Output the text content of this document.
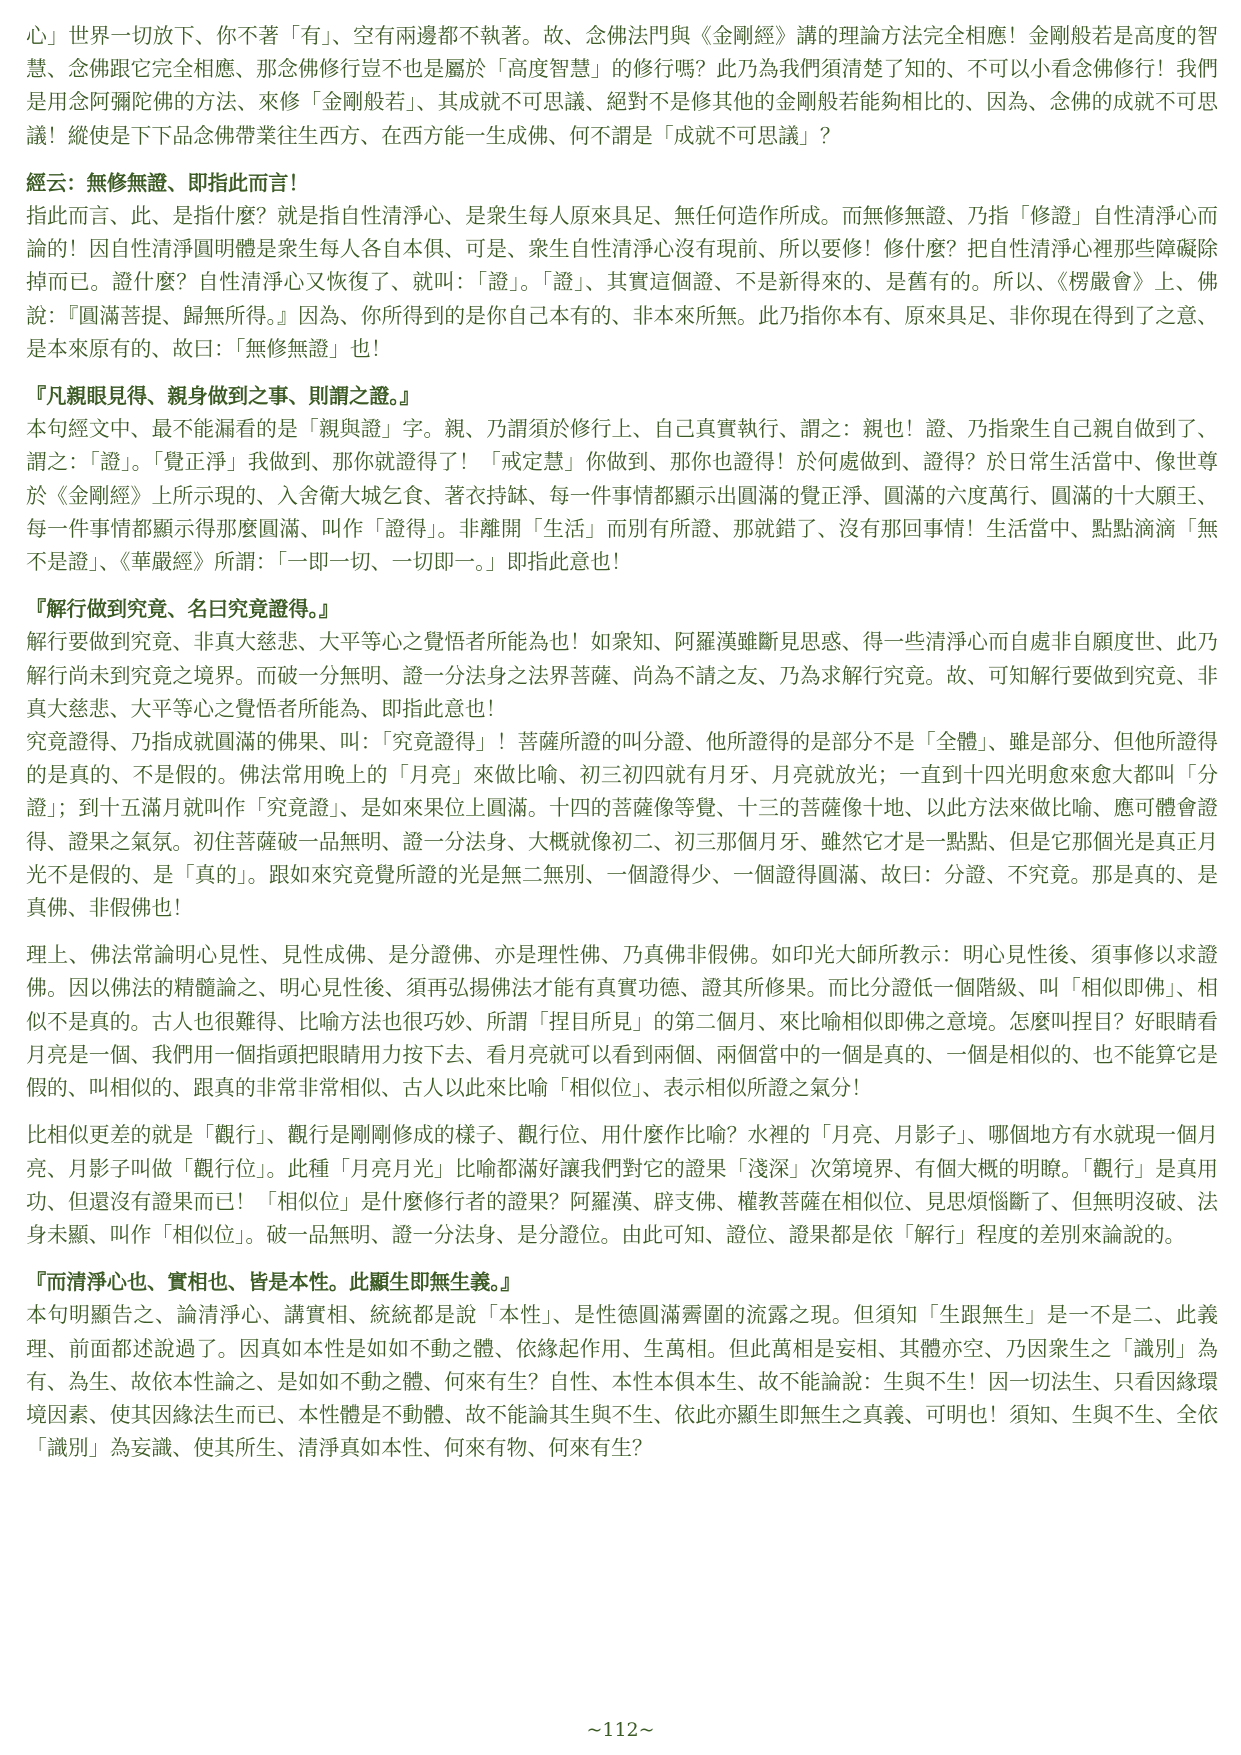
心」世界一切放下、你不著「有」、空有兩邊都不執著。故、念佛法門與《金剛經》講的理論方法完全相應！金剛般若是高度的智慧、念佛跟它完全相應、那念佛修行豈不也是屬於「高度智慧」的修行嗎？此乃為我們須清楚了知的、不可以小看念佛修行！我們是用念阿彌陀佛的方法、來修「金剛般若」、其成就不可思議、絕對不是修其他的金剛般若能夠相比的、因為、念佛的成就不可思議！縱使是下下品念佛帶業往生西方、在西方能一生成佛、何不謂是「成就不可思議」？

經云：無修無證、即指此而言！

指此而言、此、是指什麼？就是指自性清淨心、是衆生每人原來具足、無任何造作所成。而無修無證、乃指「修證」自性清淨心而論的！因自性清淨圓明體是衆生每人各自本俱、可是、衆生自性清淨心沒有現前、所以要修！修什麼？把自性清淨心裡那些障礙除掉而已。證什麼？自性清淨心又恢復了、就叫：「證」。「證」、其實這個證、不是新得來的、是舊有的。所以、《楞嚴會》上、佛說：『圓滿菩提、歸無所得。』因為、你所得到的是你自己本有的、非本來所無。此乃指你本有、原來具足、非你現在得到了之意、是本來原有的、故曰：「無修無證」也！

『凡親眼見得、親身做到之事、則謂之證。』

本句經文中、最不能漏看的是「親與證」字。親、乃謂須於修行上、自己真實執行、謂之：親也！證、乃指衆生自己親自做到了、謂之：「證」。「覺正淨」我做到、那你就證得了！「戒定慧」你做到、那你也證得！於何處做到、證得？於日常生活當中、像世尊於《金剛經》上所示現的、入舍衛大城乞食、著衣持缽、每一件事情都顯示出圓滿的覺正淨、圓滿的六度萬行、圓滿的十大願王、每一件事情都顯示得那麼圓滿、叫作「證得」。非離開「生活」而別有所證、那就錯了、沒有那回事情！生活當中、點點滴滴「無不是證」、《華嚴經》所謂：「一即一切、一切即一。」即指此意也！

『解行做到究竟、名曰究竟證得。』

解行要做到究竟、非真大慈悲、大平等心之覺悟者所能為也！如衆知、阿羅漢雖斷見思惑、得一些清淨心而自處非自願度世、此乃解行尚未到究竟之境界。而破一分無明、證一分法身之法界菩薩、尚為不請之友、乃為求解行究竟。故、可知解行要做到究竟、非真大慈悲、大平等心之覺悟者所能為、即指此意也！

究竟證得、乃指成就圓滿的佛果、叫：「究竟證得」！菩薩所證的叫分證、他所證得的是部分不是「全體」、雖是部分、但他所證得的是真的、不是假的。佛法常用晚上的「月亮」來做比喻、初三初四就有月牙、月亮就放光；一直到十四光明愈來愈大都叫「分證」；到十五滿月就叫作「究竟證」、是如來果位上圓滿。十四的菩薩像等覺、十三的菩薩像十地、以此方法來做比喻、應可體會證得、證果之氣氛。初住菩薩破一品無明、證一分法身、大概就像初二、初三那個月牙、雖然它才是一點點、但是它那個光是真正月光不是假的、是「真的」。跟如來究竟覺所證的光是無二無別、一個證得少、一個證得圓滿、故曰：分證、不究竟。那是真的、是真佛、非假佛也！

理上、佛法常論明心見性、見性成佛、是分證佛、亦是理性佛、乃真佛非假佛。如印光大師所教示：明心見性後、須事修以求證佛。因以佛法的精髓論之、明心見性後、須再弘揚佛法才能有真實功德、證其所修果。而比分證低一個階級、叫「相似即佛」、相似不是真的。古人也很難得、比喻方法也很巧妙、所謂「捏目所見」的第二個月、來比喻相似即佛之意境。怎麼叫捏目？好眼睛看月亮是一個、我們用一個指頭把眼睛用力按下去、看月亮就可以看到兩個、兩個當中的一個是真的、一個是相似的、也不能算它是假的、叫相似的、跟真的非常非常相似、古人以此來比喻「相似位」、表示相似所證之氣分！

比相似更差的就是「觀行」、觀行是剛剛修成的樣子、觀行位、用什麼作比喻？水裡的「月亮、月影子」、哪個地方有水就現一個月亮、月影子叫做「觀行位」。此種「月亮月光」比喻都滿好讓我們對它的證果「淺深」次第境界、有個大概的明瞭。「觀行」是真用功、但還沒有證果而已！「相似位」是什麼修行者的證果？阿羅漢、辟支佛、權教菩薩在相似位、見思煩惱斷了、但無明沒破、法身未顯、叫作「相似位」。破一品無明、證一分法身、是分證位。由此可知、證位、證果都是依「解行」程度的差別來論說的。

『而清淨心也、實相也、皆是本性。此顯生即無生義。』

本句明顯告之、論清淨心、講實相、統統都是說「本性」、是性德圓滿霽圍的流露之現。但須知「生跟無生」是一不是二、此義理、前面都述說過了。因真如本性是如如不動之體、依緣起作用、生萬相。但此萬相是妄相、其體亦空、乃因衆生之「識別」為有、為生、故依本性論之、是如如不動之體、何來有生？自性、本性本俱本生、故不能論說：生與不生！因一切法生、只看因緣環境因素、使其因緣法生而已、本性體是不動體、故不能論其生與不生、依此亦顯生即無生之真義、可明也！須知、生與不生、全依「識別」為妄識、使其所生、清淨真如本性、何來有物、何來有生？

~112~
